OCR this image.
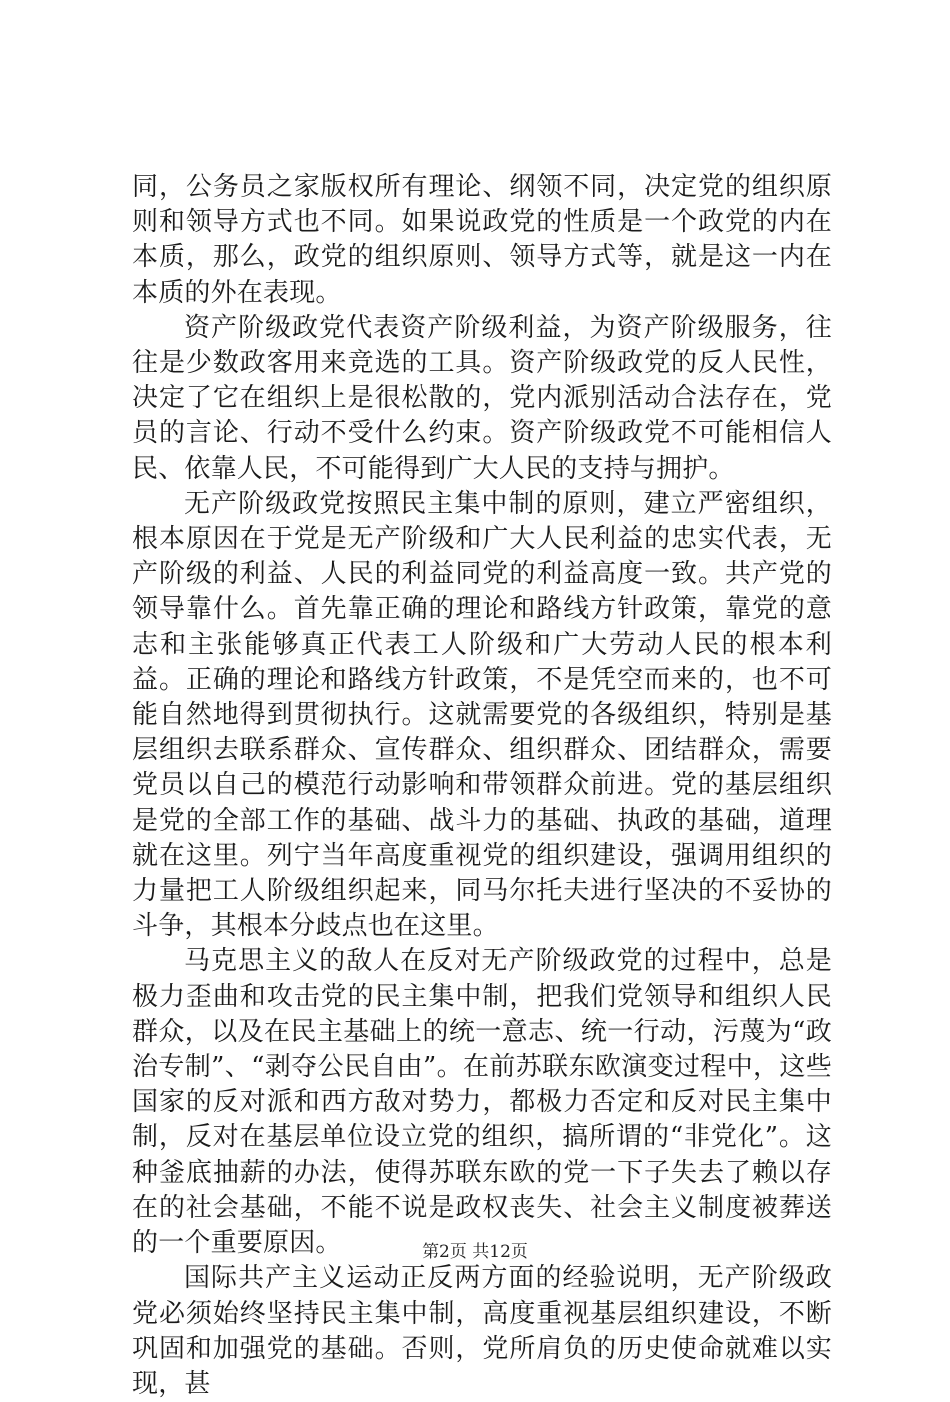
同，公务员之家版权所有理论、纲领不同，决定党的组织原则和领导方式也不同。如果说政党的性质是一个政党的内在本质，那么，政党的组织原则、领导方式等，就是这一内在本质的外在表现。

资产阶级政党代表资产阶级利益，为资产阶级服务，往往是少数政客用来竞选的工具。资产阶级政党的反人民性，决定了它在组织上是很松散的，党内派别活动合法存在，党员的言论、行动不受什么约束。资产阶级政党不可能相信人民、依靠人民，不可能得到广大人民的支持与拥护。

无产阶级政党按照民主集中制的原则，建立严密组织，根本原因在于党是无产阶级和广大人民利益的忠实代表，无产阶级的利益、人民的利益同党的利益高度一致。共产党的领导靠什么。首先靠正确的理论和路线方针政策，靠党的意志和主张能够真正代表工人阶级和广大劳动人民的根本利益。正确的理论和路线方针政策，不是凭空而来的，也不可能自然地得到贯彻执行。这就需要党的各级组织，特别是基层组织去联系群众、宣传群众、组织群众、团结群众，需要党员以自己的模范行动影响和带领群众前进。党的基层组织是党的全部工作的基础、战斗力的基础、执政的基础，道理就在这里。列宁当年高度重视党的组织建设，强调用组织的力量把工人阶级组织起来，同马尔托夫进行坚决的不妥协的斗争，其根本分歧点也在这里。

马克思主义的敌人在反对无产阶级政党的过程中，总是极力歪曲和攻击党的民主集中制，把我们党领导和组织人民群众，以及在民主基础上的统一意志、统一行动，污蔑为“政治专制”、“剥夺公民自由”。在前苏联东欧演变过程中，这些国家的反对派和西方敌对势力，都极力否定和反对民主集中制，反对在基层单位设立党的组织，搞所谓的“非党化”。这种釜底抽薪的办法，使得苏联东欧的党一下子失去了赖以存在的社会基础，不能不说是政权丧失、社会主义制度被葬送的一个重要原因。

国际共产主义运动正反两方面的经验说明，无产阶级政党必须始终坚持民主集中制，高度重视基层组织建设，不断巩固和加强党的基础。否则，党所肩负的历史使命就难以实现，甚

第2页 共12页
